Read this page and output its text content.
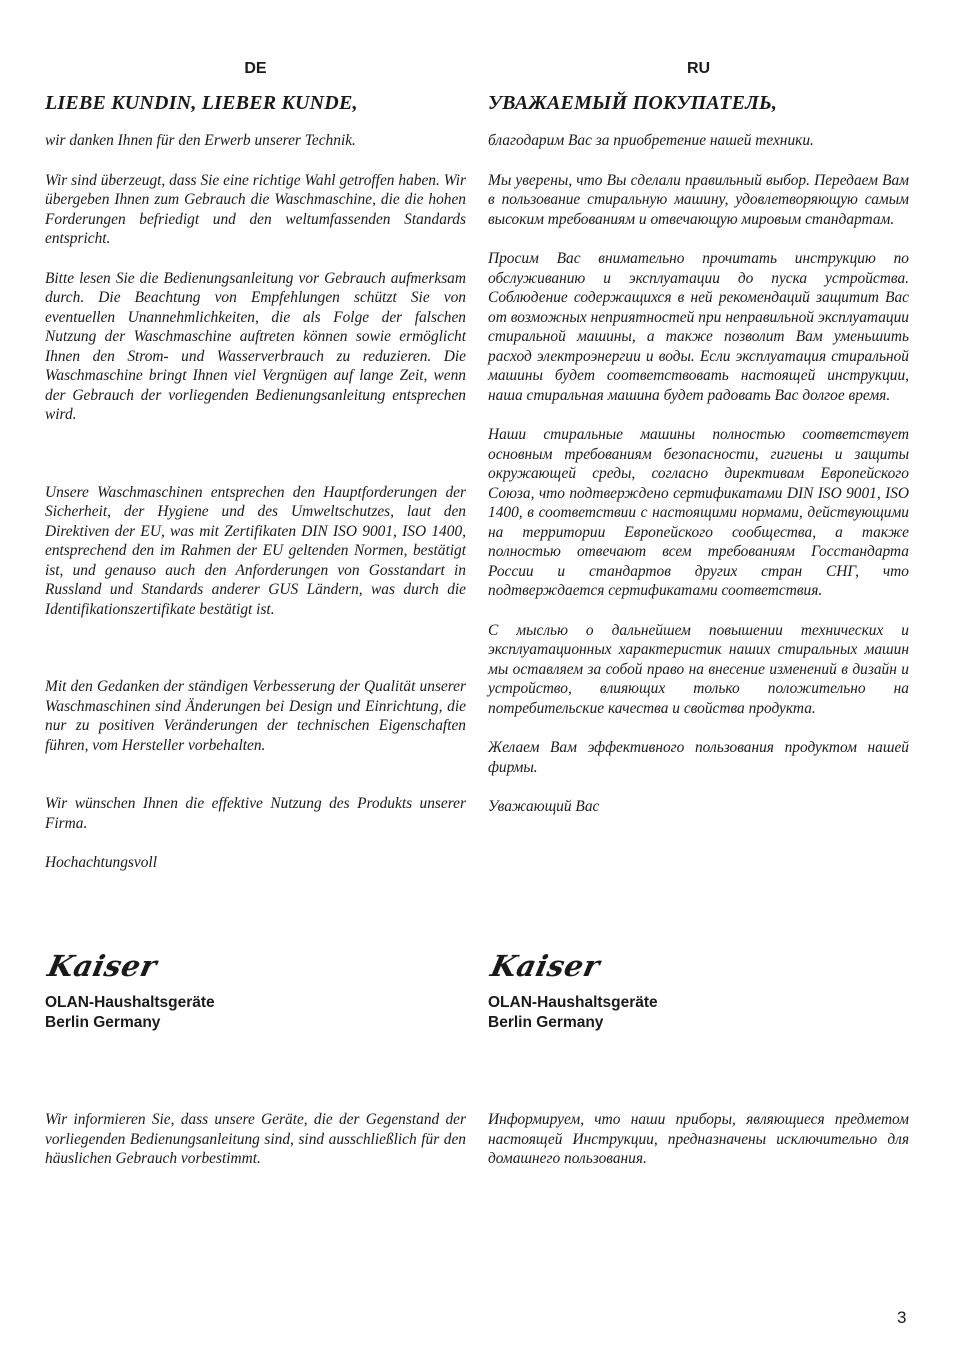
DE
LIEBE KUNDIN, LIEBER KUNDE,

wir danken Ihnen für den Erwerb unserer Technik.

Wir sind überzeugt, dass Sie eine richtige Wahl getroffen haben. Wir übergeben Ihnen zum Gebrauch die Waschmaschine, die die hohen Forderungen befriedigt und den weltumfassenden Standards entspricht.

Bitte lesen Sie die Bedienungsanleitung vor Gebrauch aufmerksam durch. Die Beachtung von Empfehlungen schützt Sie von eventuellen Unannehmlichkeiten, die als Folge der falschen Nutzung der Waschmaschine auftreten können sowie ermöglicht Ihnen den Strom- und Wasserverbrauch zu reduzieren. Die Waschmaschine bringt Ihnen viel Vergnügen auf lange Zeit, wenn der Gebrauch der vorliegenden Bedienungsanleitung entsprechen wird.

Unsere Waschmaschinen entsprechen den Hauptforderungen der Sicherheit, der Hygiene und des Umweltschutzes, laut den Direktiven der EU, was mit Zertifikaten DIN ISO 9001, ISO 1400, entsprechend den im Rahmen der EU geltenden Normen, bestätigt ist, und genauso auch den Anforderungen von Gosstandart in Russland und Standards anderer GUS Ländern, was durch die Identifikationszertifikate bestätigt ist.

Mit den Gedanken der ständigen Verbesserung der Qualität unserer Waschmaschinen sind Änderungen bei Design und Einrichtung, die nur zu positiven Veränderungen der technischen Eigenschaften führen, vom Hersteller vorbehalten.

Wir wünschen Ihnen die effektive Nutzung des Produkts unserer Firma.

Hochachtungsvoll

Kaiser

OLAN-Haushaltsgeräte

Berlin Germany

Wir informieren Sie, dass unsere Geräte, die der Gegenstand der vorliegenden Bedienungsanleitung sind, sind ausschließlich für den häuslichen Gebrauch vorbestimmt.

RU
УВАЖАЕМЫЙ ПОКУПАТЕЛЬ,

благодарим Вас за приобретение нашей техники.

Мы уверены, что Вы сделали правильный выбор. Передаем Вам в пользование стиральную машину, удовлетворяющую самым высоким требованиям и отвечающую мировым стандартам.

Просим Вас внимательно прочитать инструкцию по обслуживанию и эксплуатации до пуска устройства. Соблюдение содержащихся в ней рекомендаций защитит Вас от возможных неприятностей при неправильной эксплуатации стиральной машины, а также позволит Вам уменьшить расход электроэнергии и воды. Если эксплуатация стиральной машины будет соответствовать настоящей инструкции, наша стиральная машина будет радовать Вас долгое время.

Наши стиральные машины полностью соответствует основным требованиям безопасности, гигиены и защиты окружающей среды, согласно директивам Европейского Союза, что подтверждено сертификатами DIN ISO 9001, ISO 1400, в соответствии с настоящими нормами, действующими на территории Европейского сообщества, а также полностью отвечают всем требованиям Госстандарта России и стандартов других стран СНГ, что подтверждается сертификатами соответствия.

С мыслью о дальнейшем повышении технических и эксплуатационных характеристик наших стиральных машин мы оставляем за собой право на внесение изменений в дизайн и устройство, влияющих только положительно на потребительские качества и свойства продукта.

Желаем Вам эффективного пользования продуктом нашей фирмы.

Уважающий Вас

Kaiser

OLAN-Haushaltsgeräte

Berlin Germany

Информируем, что наши приборы, являющиеся предметом настоящей Инструкции, предназначены исключительно для домашнего пользования.

3
